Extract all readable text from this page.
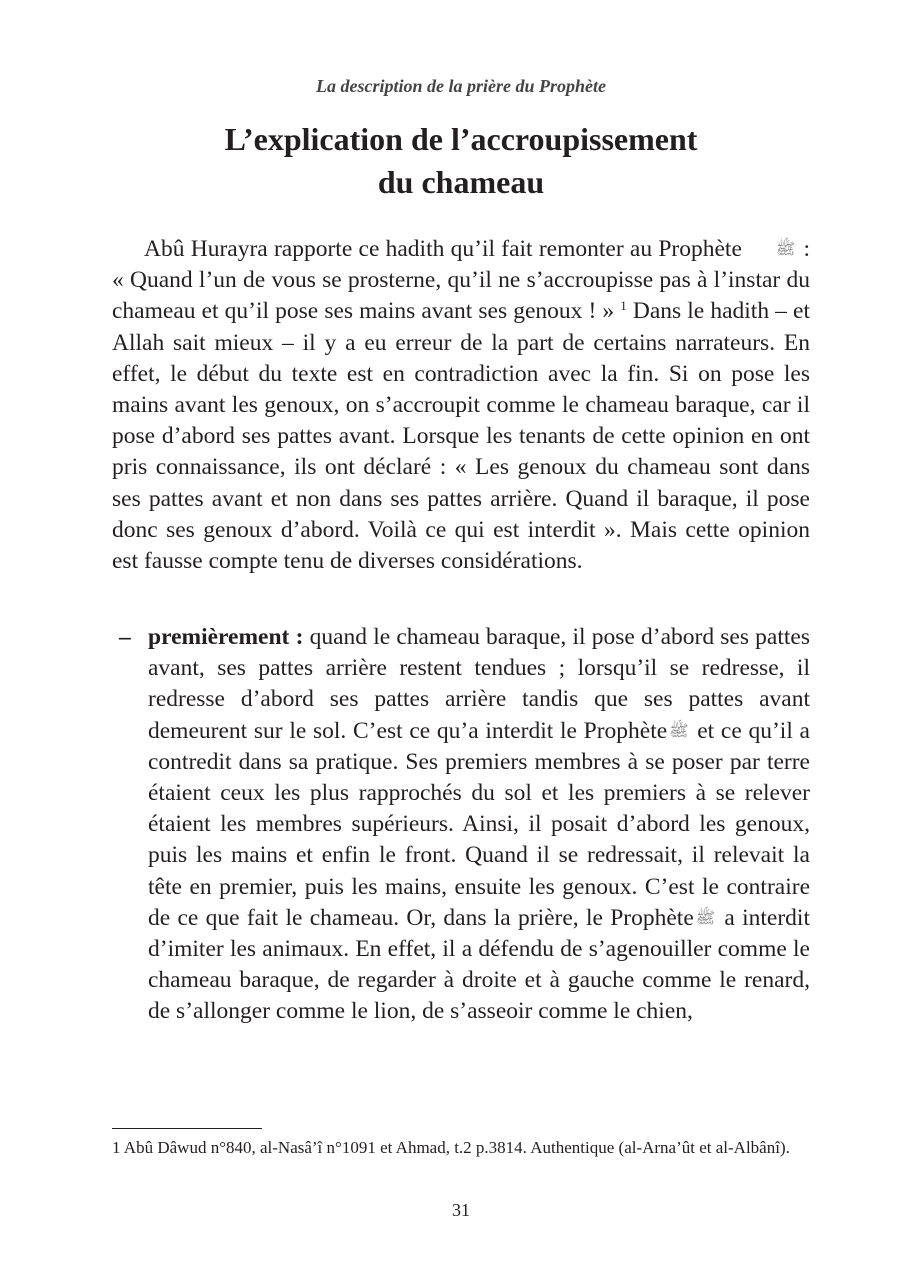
La description de la prière du Prophète
L’explication de l’accroupissement
du chameau

Abû Hurayra rapporte ce hadith qu’il fait remonter au Prophète ﷺ : « Quand l’un de vous se prosterne, qu’il ne s’accroupisse pas à l’instar du chameau et qu’il pose ses mains avant ses genoux ! » $^1$ Dans le hadith – et Allah sait mieux – il y a eu erreur de la part de certains narrateurs. En effet, le début du texte est en contradiction avec la fin. Si on pose les mains avant les genoux, on s’accroupit comme le chameau baraque, car il pose d’abord ses pattes avant. Lorsque les tenants de cette opinion en ont pris connaissance, ils ont déclaré : « Les genoux du chameau sont dans ses pattes avant et non dans ses pattes arrière. Quand il baraque, il pose donc ses genoux d’abord. Voilà ce qui est interdit ». Mais cette opinion est fausse compte tenu de diverses considérations.

– premièrement : quand le chameau baraque, il pose d’abord ses pattes avant, ses pattes arrière restent tendues ; lorsqu’il se redresse, il redresse d’abord ses pattes arrière tandis que ses pattes avant demeurent sur le sol. C’est ce qu’a interdit le Prophète ﷺ et ce qu’il a contredit dans sa pratique. Ses premiers membres à se poser par terre étaient ceux les plus rapprochés du sol et les premiers à se relever étaient les membres supérieurs. Ainsi, il posait d’abord les genoux, puis les mains et enfin le front. Quand il se redressait, il relevait la tête en premier, puis les mains, ensuite les genoux. C’est le contraire de ce que fait le chameau. Or, dans la prière, le Prophète ﷺ a interdit d’imiter les animaux. En effet, il a défendu de s’agenouiller comme le chameau baraque, de regarder à droite et à gauche comme le renard, de s’allonger comme le lion, de s’asseoir comme le chien,

1 Abû Dâwud n°840, al-Nasâ’î n°1091 et Ahmad, t.2 p.3814. Authentique (al-Arna’ût et al-Albânî).

31
